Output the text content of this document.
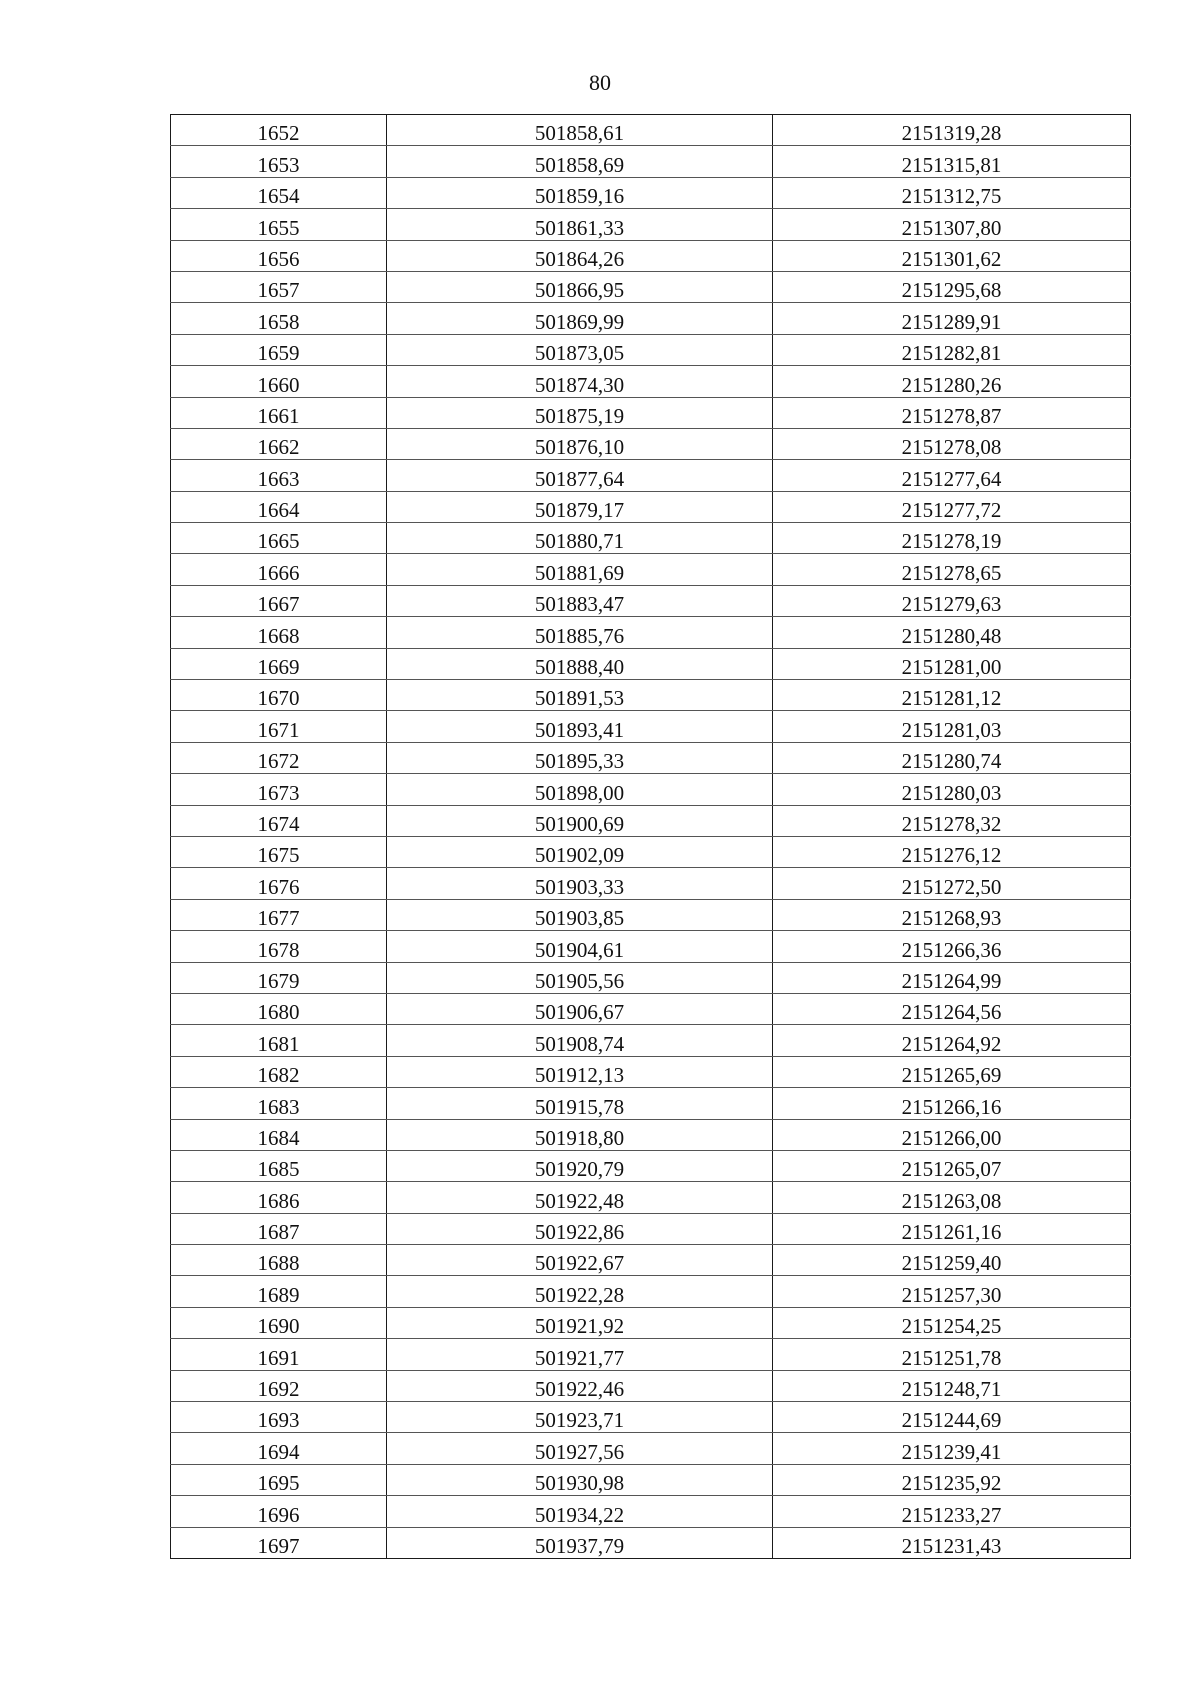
80
1652	501858,61	2151319,28
1653	501858,69	2151315,81
1654	501859,16	2151312,75
1655	501861,33	2151307,80
1656	501864,26	2151301,62
1657	501866,95	2151295,68
1658	501869,99	2151289,91
1659	501873,05	2151282,81
1660	501874,30	2151280,26
1661	501875,19	2151278,87
1662	501876,10	2151278,08
1663	501877,64	2151277,64
1664	501879,17	2151277,72
1665	501880,71	2151278,19
1666	501881,69	2151278,65
1667	501883,47	2151279,63
1668	501885,76	2151280,48
1669	501888,40	2151281,00
1670	501891,53	2151281,12
1671	501893,41	2151281,03
1672	501895,33	2151280,74
1673	501898,00	2151280,03
1674	501900,69	2151278,32
1675	501902,09	2151276,12
1676	501903,33	2151272,50
1677	501903,85	2151268,93
1678	501904,61	2151266,36
1679	501905,56	2151264,99
1680	501906,67	2151264,56
1681	501908,74	2151264,92
1682	501912,13	2151265,69
1683	501915,78	2151266,16
1684	501918,80	2151266,00
1685	501920,79	2151265,07
1686	501922,48	2151263,08
1687	501922,86	2151261,16
1688	501922,67	2151259,40
1689	501922,28	2151257,30
1690	501921,92	2151254,25
1691	501921,77	2151251,78
1692	501922,46	2151248,71
1693	501923,71	2151244,69
1694	501927,56	2151239,41
1695	501930,98	2151235,92
1696	501934,22	2151233,27
1697	501937,79	2151231,43
